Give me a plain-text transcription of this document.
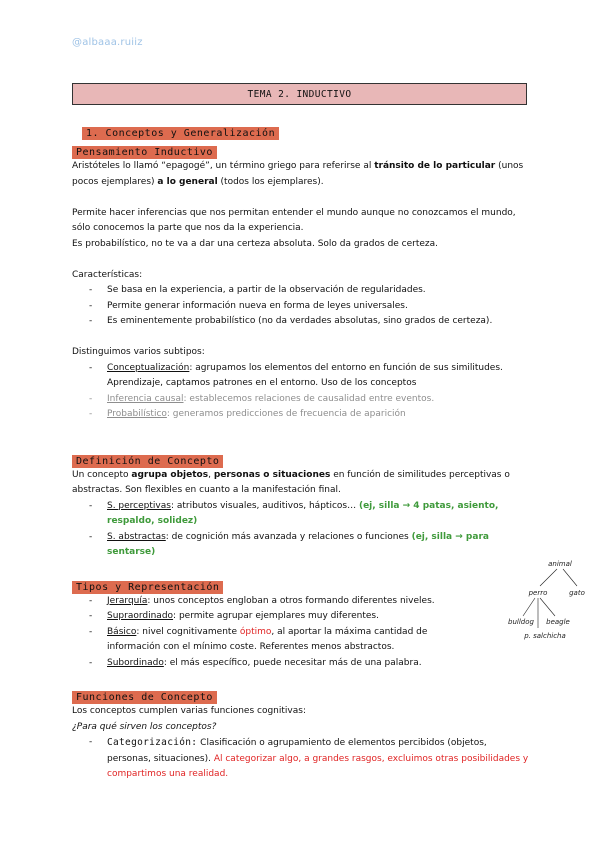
@albaaa.ruiiz
TEMA 2. INDUCTIVO
1. Conceptos y Generalización
Pensamiento Inductivo
Aristóteles lo llamó “epagogé”, un término griego para referirse al tránsito de lo particular (unos pocos ejemplares) a lo general (todos los ejemplares).
Permite hacer inferencias que nos permitan entender el mundo aunque no conozcamos el mundo, sólo conocemos la parte que nos da la experiencia.
Es probabilístico, no te va a dar una certeza absoluta. Solo da grados de certeza.
Características:
- Se basa en la experiencia, a partir de la observación de regularidades.
- Permite generar información nueva en forma de leyes universales.
- Es eminentemente probabilístico (no da verdades absolutas, sino grados de certeza).
Distinguimos varios subtipos:
- Conceptualización: agrupamos los elementos del entorno en función de sus similitudes. Aprendizaje, captamos patrones en el entorno. Uso de los conceptos
- Inferencia causal: establecemos relaciones de causalidad entre eventos.
- Probabilístico: generamos predicciones de frecuencia de aparición
Definición de Concepto
Un concepto agrupa objetos, personas o situaciones en función de similitudes perceptivas o abstractas. Son flexibles en cuanto a la manifestación final.
- S. perceptivas: atributos visuales, auditivos, hápticos… (ej, silla → 4 patas, asiento, respaldo, solidez)
- S. abstractas: de cognición más avanzada y relaciones o funciones (ej, silla → para sentarse)
Tipos y Representación
- Jerarquía: unos conceptos engloban a otros formando diferentes niveles.
- Supraordinado: permite agrupar ejemplares muy diferentes.
- Básico: nivel cognitivamente óptimo, al aportar la máxima cantidad de información con el mínimo coste. Referentes menos abstractos.
- Subordinado: el más específico, puede necesitar más de una palabra.
Funciones de Concepto
Los conceptos cumplen varias funciones cognitivas:
¿Para qué sirven los conceptos?
- Categorización: Clasificación o agrupamiento de elementos percibidos (objetos, personas, situaciones). Al categorizar algo, a grandes rasgos, excluimos otras posibilidades y compartimos una realidad.
animal
perro	gato
bulldog beagle
p. salchicha
